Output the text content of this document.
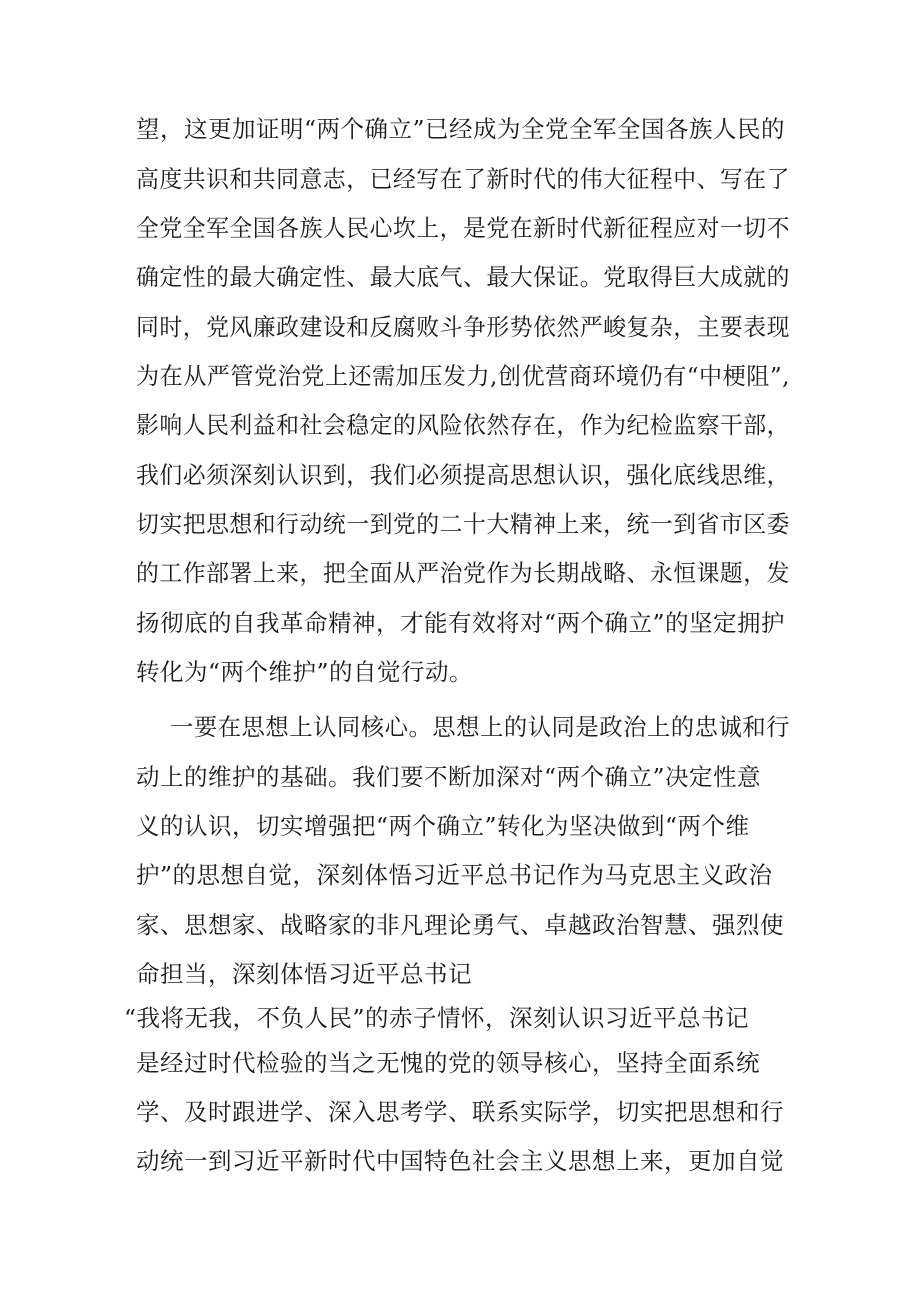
望，这更加证明“两个确立”已经成为全党全军全国各族人民的
高度共识和共同意志，已经写在了新时代的伟大征程中、写在了
全党全军全国各族人民心坎上，是党在新时代新征程应对一切不
确定性的最大确定性、最大底气、最大保证。党取得巨大成就的
同时，党风廉政建设和反腐败斗争形势依然严峻复杂，主要表现
为在从严管党治党上还需加压发力,创优营商环境仍有“中梗阻”,
影响人民利益和社会稳定的风险依然存在，作为纪检监察干部，
我们必须深刻认识到，我们必须提高思想认识，强化底线思维，
切实把思想和行动统一到党的二十大精神上来，统一到省市区委
的工作部署上来，把全面从严治党作为长期战略、永恒课题，发
扬彻底的自我革命精神，才能有效将对“两个确立”的坚定拥护
转化为“两个维护”的自觉行动。
一要在思想上认同核心。思想上的认同是政治上的忠诚和行
动上的维护的基础。我们要不断加深对“两个确立”决定性意
义的认识，切实增强把“两个确立”转化为坚决做到“两个维
护”的思想自觉，深刻体悟习近平总书记作为马克思主义政治
家、思想家、战略家的非凡理论勇气、卓越政治智慧、强烈使
命担当，深刻体悟习近平总书记
“我将无我，不负人民”的赤子情怀，深刻认识习近平总书记
是经过时代检验的当之无愧的党的领导核心，坚持全面系统
学、及时跟进学、深入思考学、联系实际学，切实把思想和行
动统一到习近平新时代中国特色社会主义思想上来，更加自觉
